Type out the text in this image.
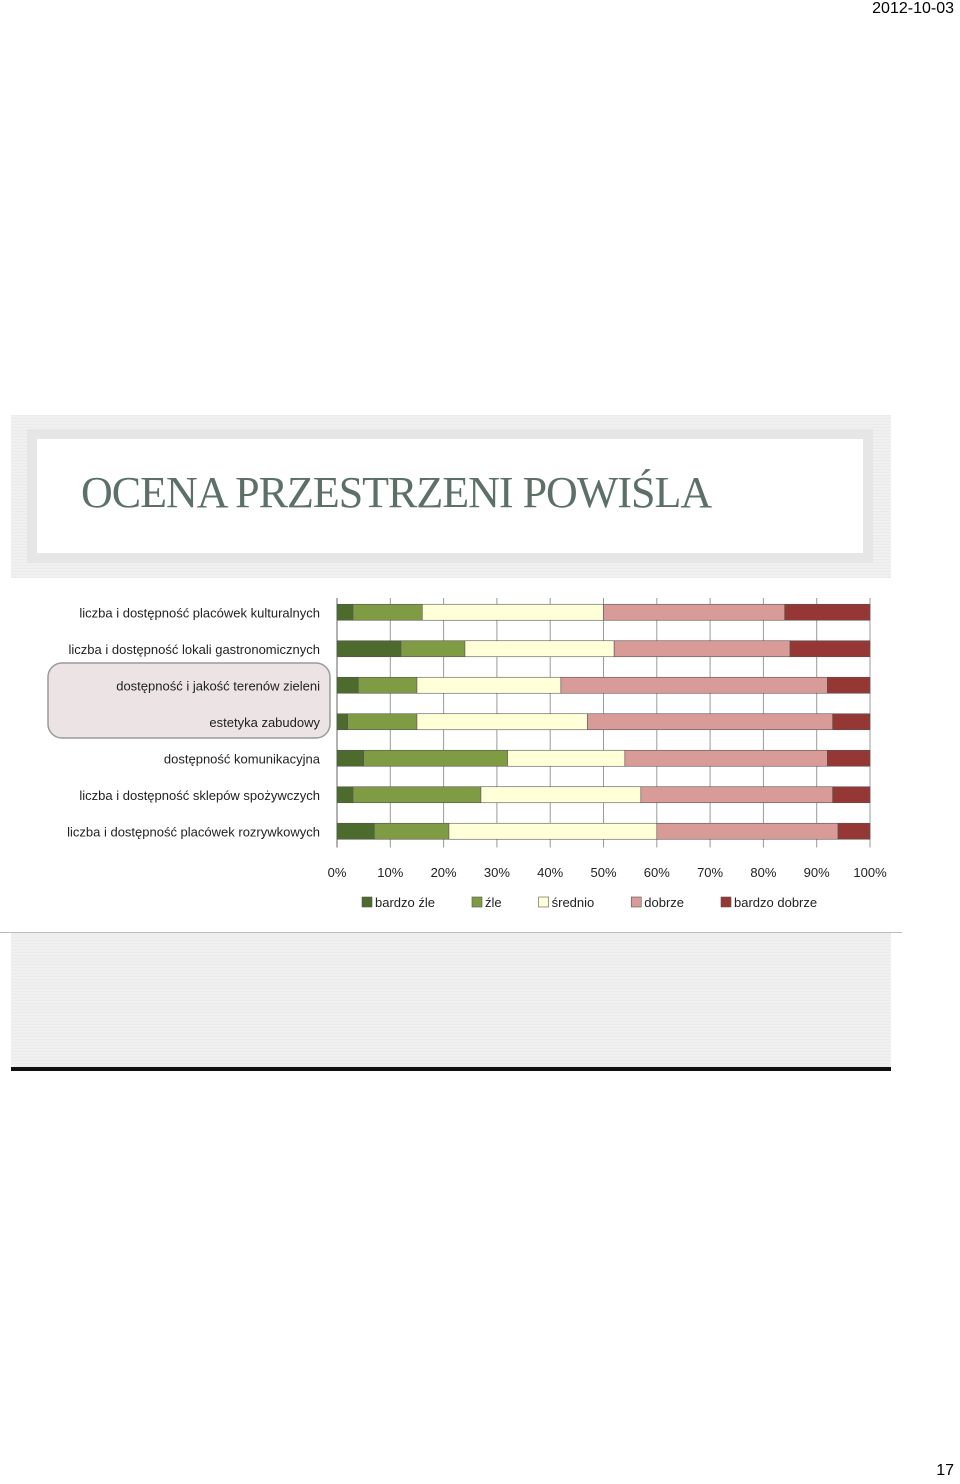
2012-10-03
OCENA PRZESTRZENI POWIŚLA
liczba i dostępność placówek kulturalnych
liczba i dostępność lokali gastronomicznych
dostępność i jakość terenów zieleni
estetyka zabudowy
dostępność komunikacyjna
liczba i dostępność sklepów spożywczych
liczba i dostępność placówek rozrywkowych
0% 10% 20% 30% 40% 50% 60% 70% 80% 90% 100%
bardzo źle	źle	średnio	dobrze	bardzo dobrze
17
